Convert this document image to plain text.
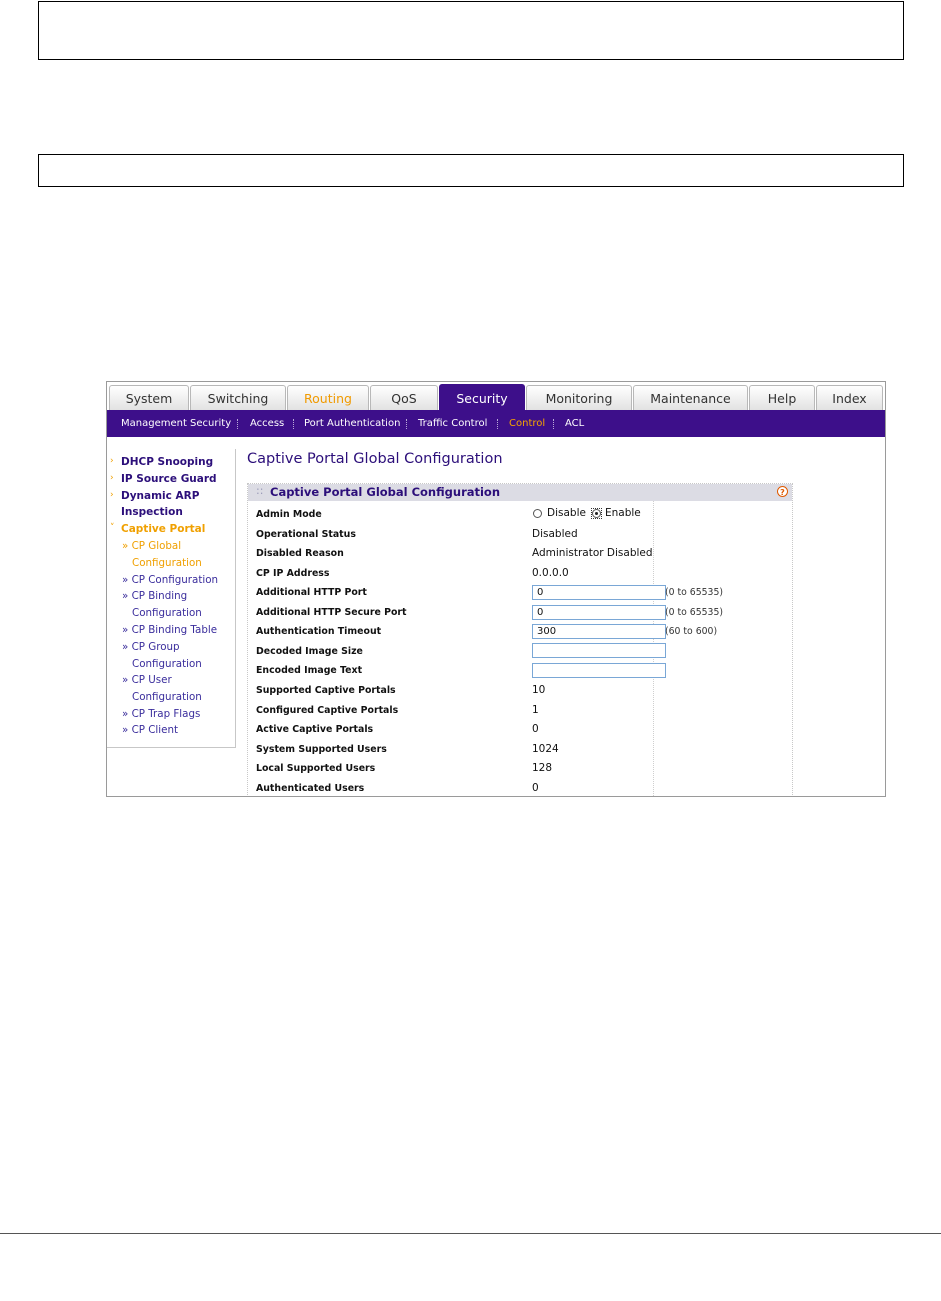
System	Switching	Routing	QoS	Security	Monitoring	Maintenance	Help	Index
Management Security Access Port Authentication Traffic Control Control ACL
› DHCP Snooping
› IP Source Guard
› Dynamic ARP
Inspection
˅ Captive Portal
» CP Global
Configuration
» CP Configuration
» CP Binding
Configuration
» CP Binding Table
» CP Group
Configuration
» CP User
Configuration
» CP Trap Flags
» CP Client
Captive Portal Global Configuration
:: Captive Portal Global Configuration	?
Admin Mode	Disable Enable
Operational Status	Disabled
Disabled Reason	Administrator Disabled
CP IP Address	0.0.0.0
Additional HTTP Port	0	(0 to 65535)
Additional HTTP Secure Port	0	(0 to 65535)
Authentication Timeout	300	(60 to 600)
Decoded Image Size
Encoded Image Text
Supported Captive Portals	10
Configured Captive Portals	1
Active Captive Portals	0
System Supported Users	1024
Local Supported Users	128
Authenticated Users	0
